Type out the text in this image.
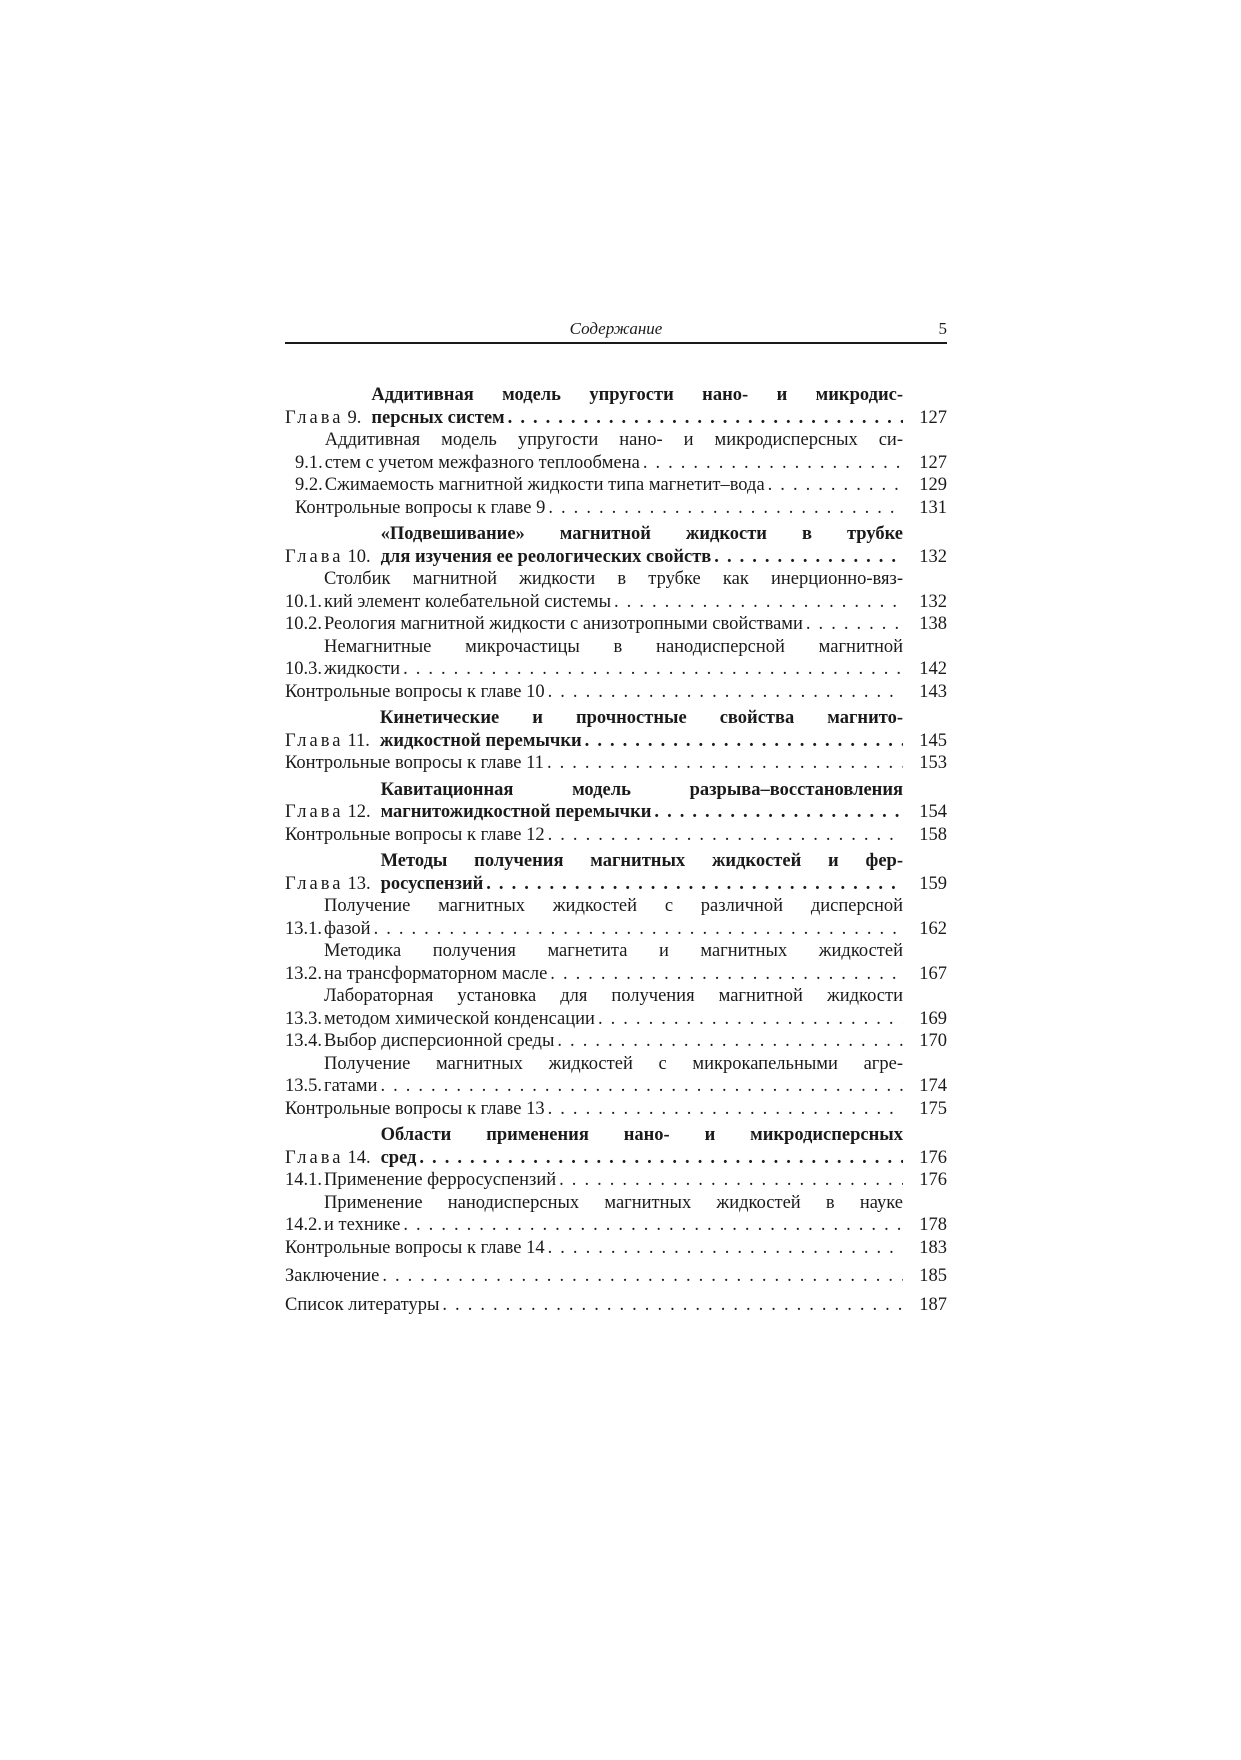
Содержание	5
Глава 9.
Аддитивная модель упругости нано- и микродис-
персных систем . . .	127
9.1.
Аддитивная модель упругости нано- и микродисперсных си-
стем с учетом межфазного теплообмена . . .	127
9.2. Сжимаемость магнитной жидкости типа магнетит–вода . . .	129
Контрольные вопросы к главе 9 . . .	131
Глава 10.
«Подвешивание» магнитной жидкости в трубке
для изучения ее реологических свойств . . .	132
10.1.
Столбик магнитной жидкости в трубке как инерционно-вяз-
кий элемент колебательной системы . . .	132
10.2. Реология магнитной жидкости с анизотропными свойствами . . .	138
10.3.
Немагнитные микрочастицы в нанодисперсной магнитной
жидкости . . .	142
Контрольные вопросы к главе 10 . . .	143
Глава 11.
Кинетические и прочностные свойства магнито-
жидкостной перемычки . . .	145
Контрольные вопросы к главе 11 . . .	153
Глава 12.
Кавитационная модель разрыва–восстановления
магнитожидкостной перемычки . . .	154
Контрольные вопросы к главе 12 . . .	158
Глава 13.
Методы получения магнитных жидкостей и фер-
росуспензий . . .	159
13.1.
Получение магнитных жидкостей с различной дисперсной
фазой . . .	162
13.2.
Методика получения магнетита и магнитных жидкостей
на трансформаторном масле . . .	167
13.3.
Лабораторная установка для получения магнитной жидкости
методом химической конденсации . . .	169
13.4. Выбор дисперсионной среды . . .	170
13.5.
Получение магнитных жидкостей с микрокапельными агре-
гатами . . .	174
Контрольные вопросы к главе 13 . . .	175
Глава 14.
Области применения нано- и микродисперсных
сред . . .	176
14.1. Применение ферросуспензий . . .	176
14.2.
Применение нанодисперсных магнитных жидкостей в науке
и технике . . .	178
Контрольные вопросы к главе 14 . . .	183
Заключение . . .	185
Список литературы . . .	187
